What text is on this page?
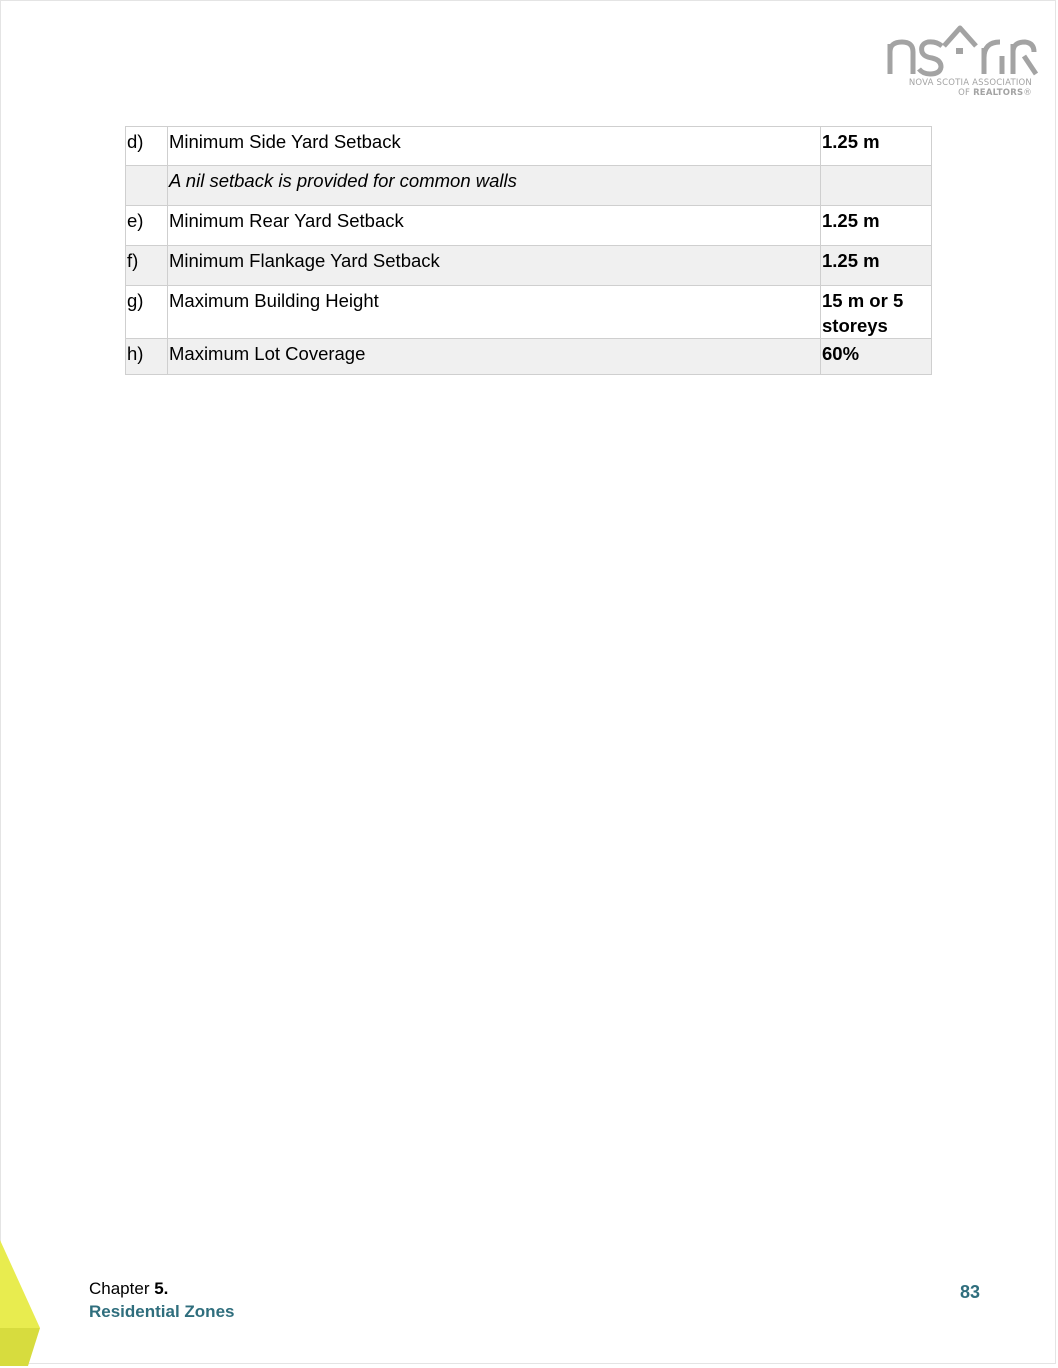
NOVA SCOTIA ASSOCIATION
OF REALTORS®
d)	Minimum Side Yard Setback	1.25 m
	A nil setback is provided for common walls	
e)	Minimum Rear Yard Setback	1.25 m
f)	Minimum Flankage Yard Setback	1.25 m
g)	Maximum Building Height	15 m or 5 storeys
h)	Maximum Lot Coverage	60%
Chapter 5.
Residential Zones
83
